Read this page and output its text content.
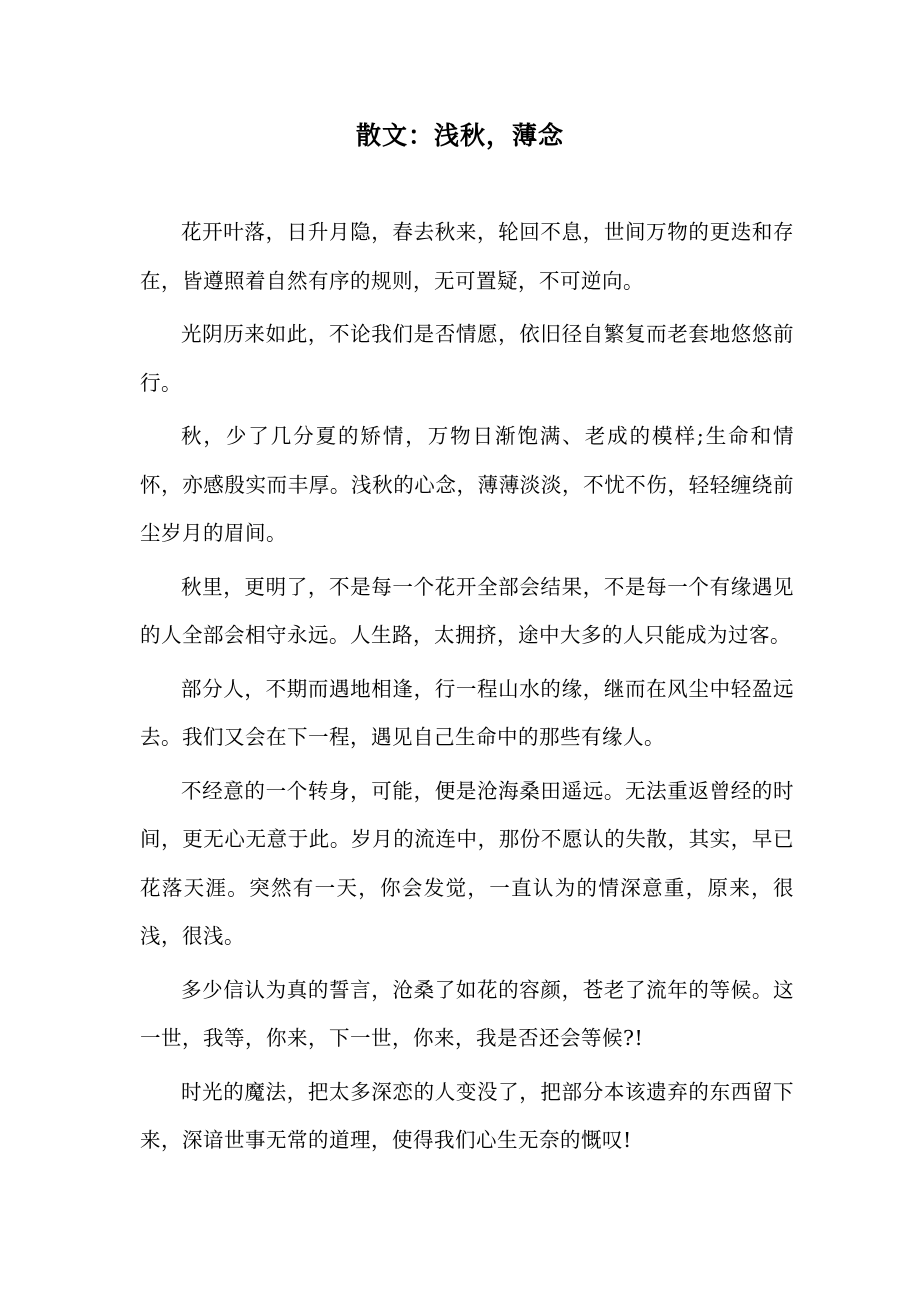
散文：浅秋，薄念

花开叶落，日升月隐，春去秋来，轮回不息，世间万物的更迭和存在，皆遵照着自然有序的规则，无可置疑，不可逆向。

光阴历来如此，不论我们是否情愿，依旧径自繁复而老套地悠悠前行。

秋，少了几分夏的矫情，万物日渐饱满、老成的模样;生命和情怀，亦感殷实而丰厚。浅秋的心念，薄薄淡淡，不忧不伤，轻轻缠绕前尘岁月的眉间。

秋里，更明了，不是每一个花开全部会结果，不是每一个有缘遇见的人全部会相守永远。人生路，太拥挤，途中大多的人只能成为过客。

部分人，不期而遇地相逢，行一程山水的缘，继而在风尘中轻盈远去。我们又会在下一程，遇见自己生命中的那些有缘人。

不经意的一个转身，可能，便是沧海桑田遥远。无法重返曾经的时间，更无心无意于此。岁月的流连中，那份不愿认的失散，其实，早已花落天涯。突然有一天，你会发觉，一直认为的情深意重，原来，很浅，很浅。

多少信认为真的誓言，沧桑了如花的容颜，苍老了流年的等候。这一世，我等，你来，下一世，你来，我是否还会等候?!

时光的魔法，把太多深恋的人变没了，把部分本该遗弃的东西留下来，深谙世事无常的道理，使得我们心生无奈的慨叹!
